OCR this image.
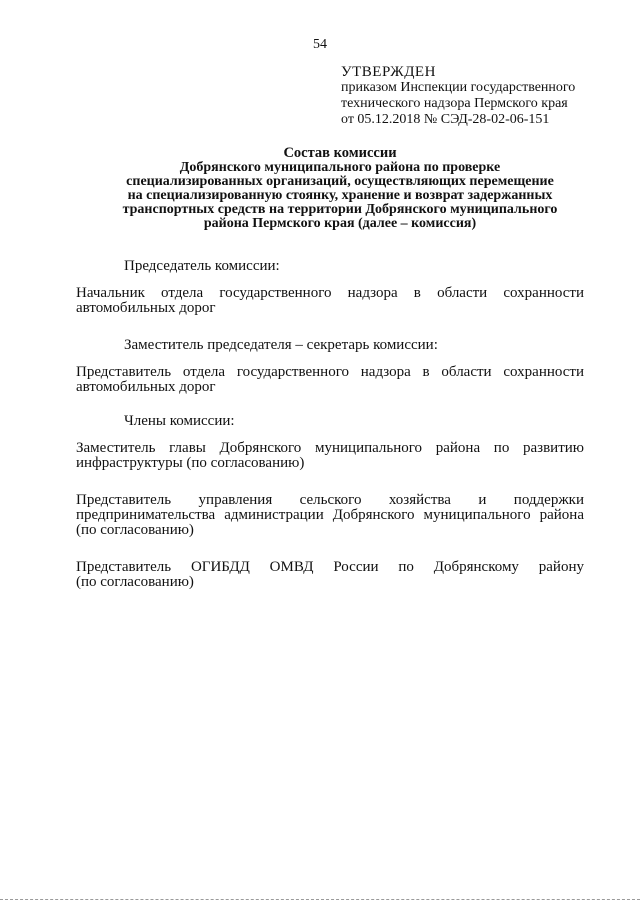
54
УТВЕРЖДЕН
приказом Инспекции государственного
технического надзора Пермского края
от 05.12.2018 № СЭД-28-02-06-151
Состав комиссии
Добрянского муниципального района по проверке
специализированных организаций, осуществляющих перемещение
на специализированную стоянку, хранение и возврат задержанных
транспортных средств на территории Добрянского муниципального
района Пермского края (далее – комиссия)
Председатель комиссии:
Начальник отдела государственного надзора в области сохранности
автомобильных дорог
Заместитель председателя – секретарь комиссии:
Представитель отдела государственного надзора в области сохранности
автомобильных дорог
Члены комиссии:
Заместитель главы Добрянского муниципального района по развитию
инфраструктуры (по согласованию)
Представитель управления сельского хозяйства и поддержки
предпринимательства администрации Добрянского муниципального района
(по согласованию)
Представитель ОГИБДД ОМВД России по Добрянскому району
(по согласованию)
